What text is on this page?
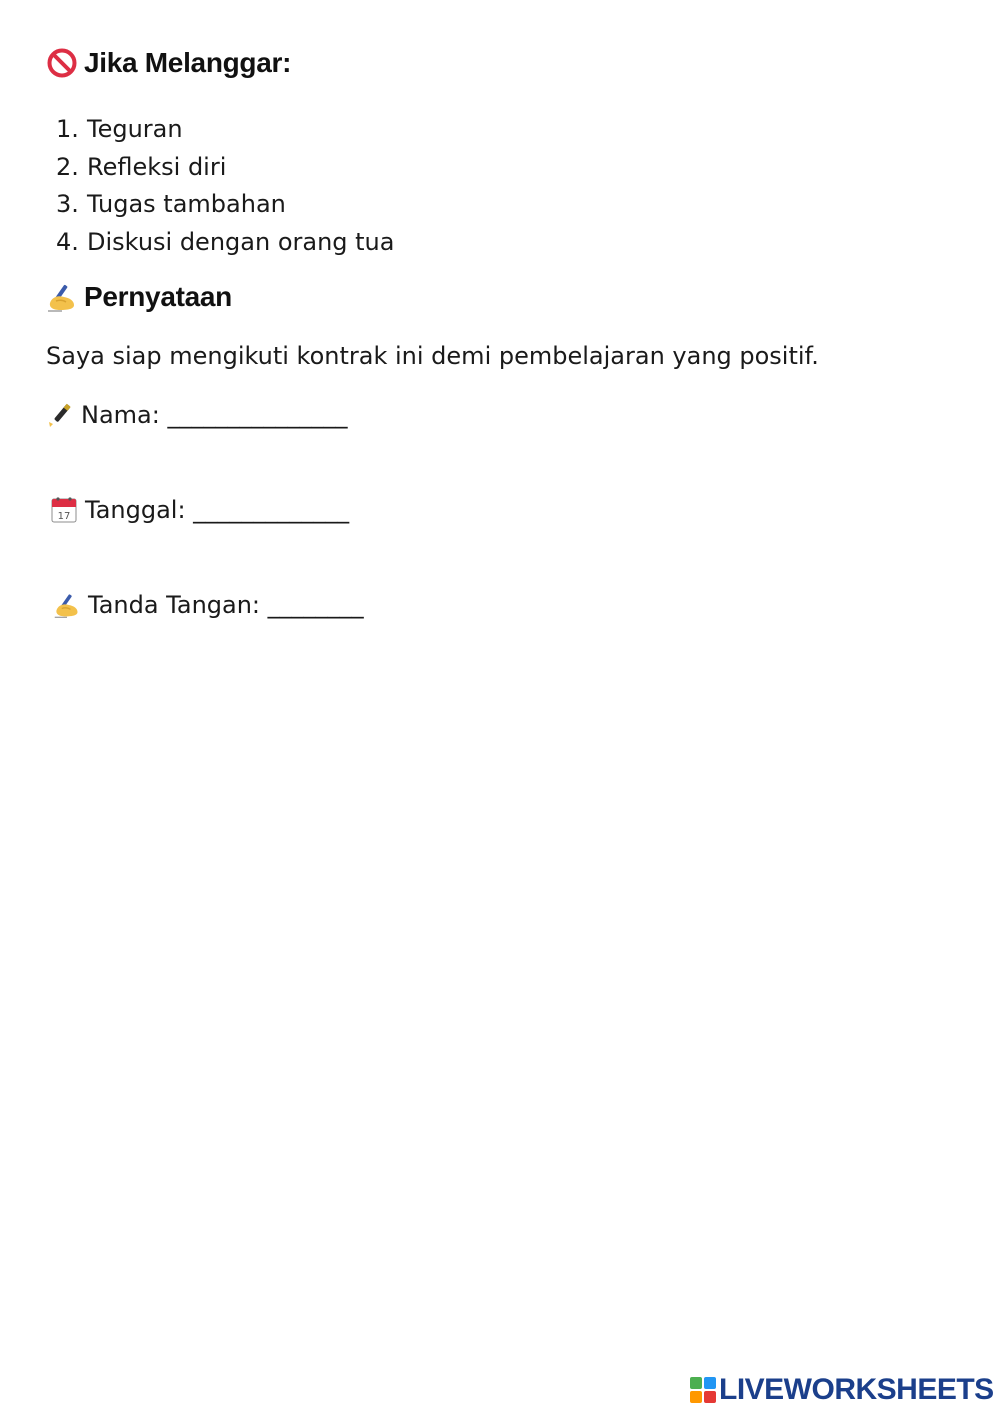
Jika Melanggar:
1. Teguran
2. Refleksi diri
3. Tugas tambahan
4. Diskusi dengan orang tua
Pernyataan
Saya siap mengikuti kontrak ini demi pembelajaran yang positif.
Nama: _______________
17 Tanggal: _____________
Tanda Tangan: ________
LIVEWORKSHEETS
